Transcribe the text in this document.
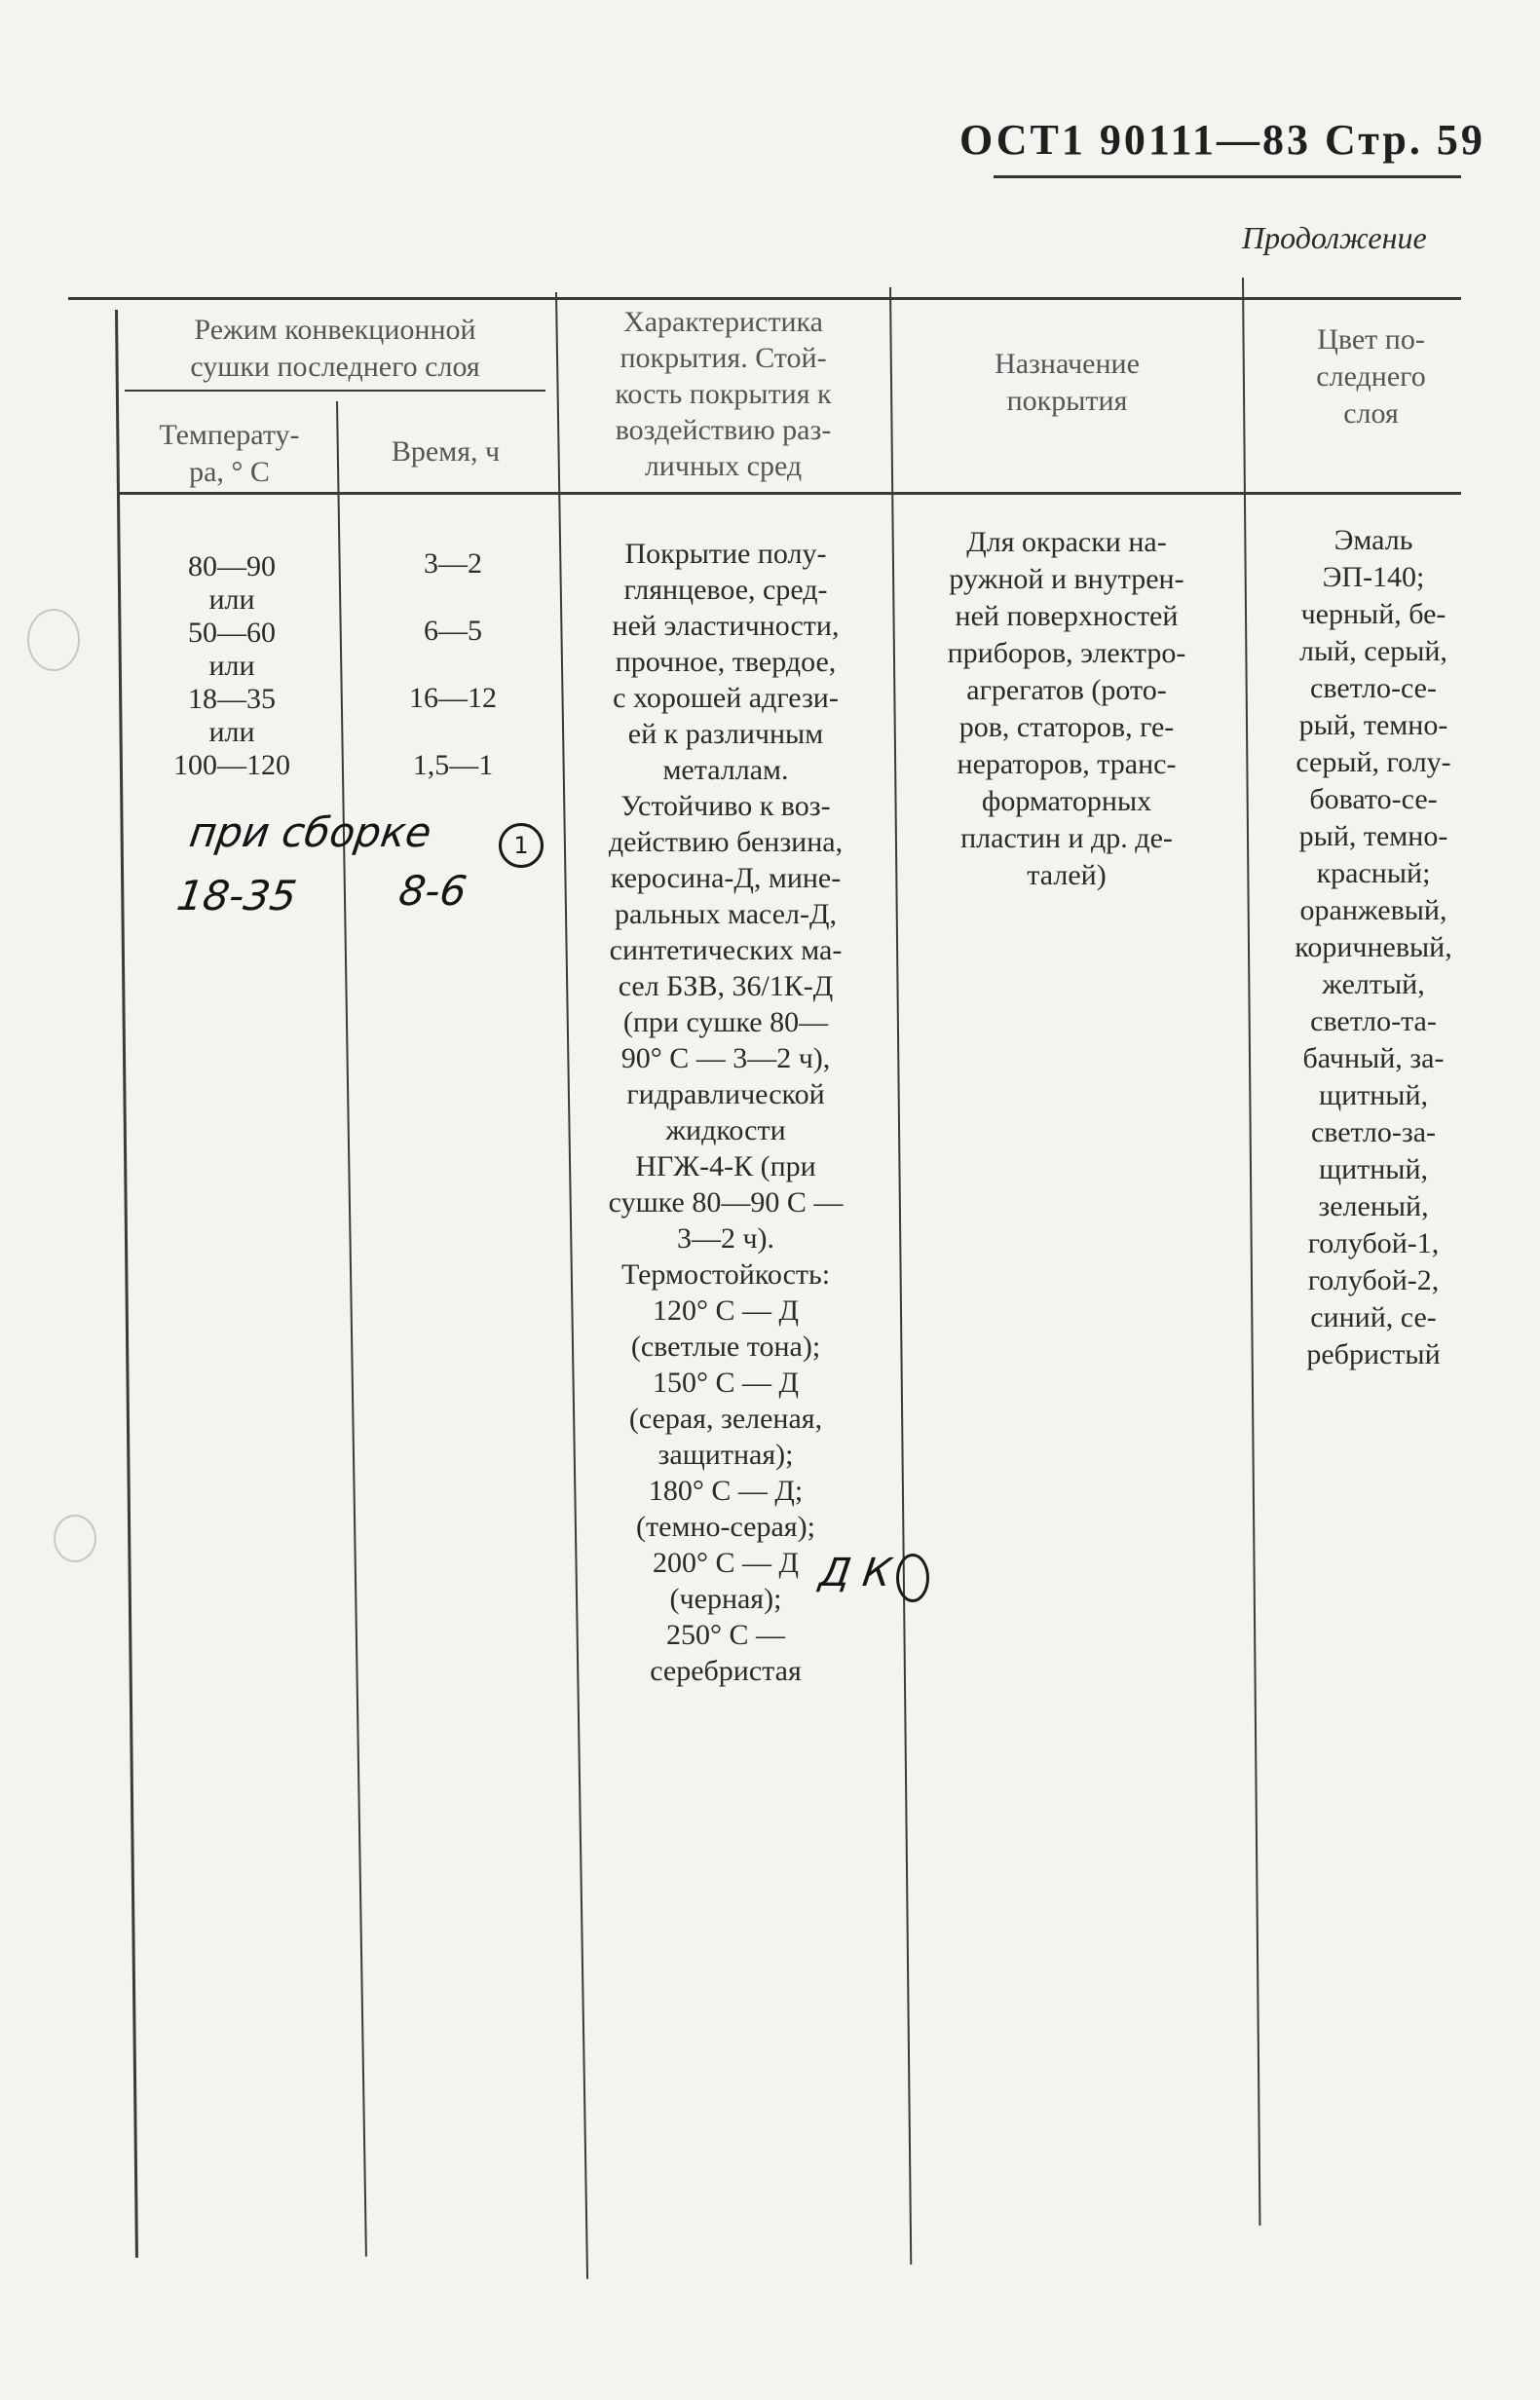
ОСТ1 90111—83 Стр. 59
Продолжение
Режим конвекционной
сушки последнего слоя
Температу-
ра, ° С
Время, ч
Характеристика
покрытия. Стой-
кость покрытия к
воздействию раз-
личных сред
Назначение
покрытия
Цвет по-
следнего
слоя
80—90
или
50—60
или
18—35
или
100—120
3—2
6—5
16—12
1,5—1
Покрытие полу-
глянцевое, сред-
ней эластичности,
прочное, твердое,
с хорошей адгези-
ей к различным
металлам.
Устойчиво к воз-
действию бензина,
керосина-Д, мине-
ральных масел-Д,
синтетических ма-
сел БЗВ, 36/1К-Д
(при сушке 80—
90° С — 3—2 ч),
гидравлической
жидкости
НГЖ-4-К (при
сушке 80—90 С —
3—2 ч).
Термостойкость:
120° С — Д
(светлые тона);
150° С — Д
(серая, зеленая,
защитная);
180° С — Д;
(темно-серая);
200° С — Д
(черная);
250° С —
серебристая
Для окраски на-
ружной и внутрен-
ней поверхностей
приборов, электро-
агрегатов (рото-
ров, статоров, ге-
нераторов, транс-
форматорных
пластин и др. де-
талей)
Эмаль
ЭП-140;
черный, бе-
лый, серый,
светло-се-
рый, темно-
серый, голу-
бовато-се-
рый, темно-
красный;
оранжевый,
коричневый,
желтый,
светло-та-
бачный, за-
щитный,
светло-за-
щитный,
зеленый,
голубой-1,
голубой-2,
синий, се-
ребристый
при сборке	1
18-35 8-6
Д К
